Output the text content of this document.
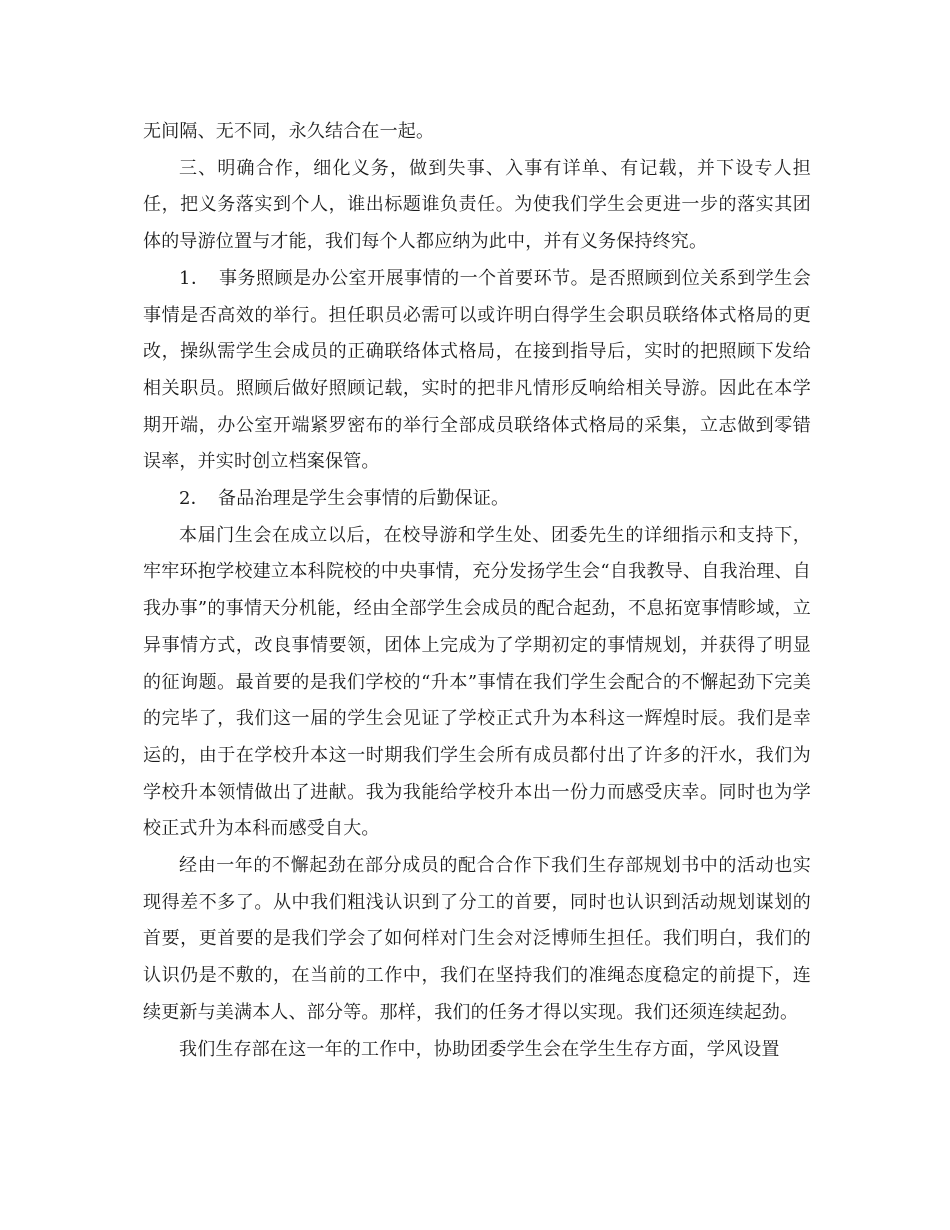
无间隔、无不同，永久结合在一起。

三、明确合作，细化义务，做到失事、入事有详单、有记载，并下设专人担任，把义务落实到个人，谁出标题谁负责任。为使我们学生会更进一步的落实其团体的导游位置与才能，我们每个人都应纳为此中，并有义务保持终究。

1．　事务照顾是办公室开展事情的一个首要环节。是否照顾到位关系到学生会事情是否高效的举行。担任职员必需可以或许明白得学生会职员联络体式格局的更改，操纵需学生会成员的正确联络体式格局，在接到指导后，实时的把照顾下发给相关职员。照顾后做好照顾记载，实时的把非凡情形反响给相关导游。因此在本学期开端，办公室开端紧罗密布的举行全部成员联络体式格局的采集，立志做到零错误率，并实时创立档案保管。

2．　备品治理是学生会事情的后勤保证。

本届门生会在成立以后，在校导游和学生处、团委先生的详细指示和支持下，牢牢环抱学校建立本科院校的中央事情，充分发扬学生会“自我教导、自我治理、自我办事”的事情天分机能，经由全部学生会成员的配合起劲，不息拓宽事情畛域，立异事情方式，改良事情要领，团体上完成为了学期初定的事情规划，并获得了明显的征询题。最首要的是我们学校的“升本”事情在我们学生会配合的不懈起劲下完美的完毕了，我们这一届的学生会见证了学校正式升为本科这一辉煌时辰。我们是幸运的，由于在学校升本这一时期我们学生会所有成员都付出了许多的汗水，我们为学校升本领情做出了进献。我为我能给学校升本出一份力而感受庆幸。同时也为学校正式升为本科而感受自大。

经由一年的不懈起劲在部分成员的配合合作下我们生存部规划书中的活动也实现得差不多了。从中我们粗浅认识到了分工的首要，同时也认识到活动规划谋划的首要，更首要的是我们学会了如何样对门生会对泛博师生担任。我们明白，我们的认识仍是不敷的，在当前的工作中，我们在坚持我们的准绳态度稳定的前提下，连续更新与美满本人、部分等。那样，我们的任务才得以实现。我们还须连续起劲。

我们生存部在这一年的工作中，协助团委学生会在学生生存方面，学风设置
